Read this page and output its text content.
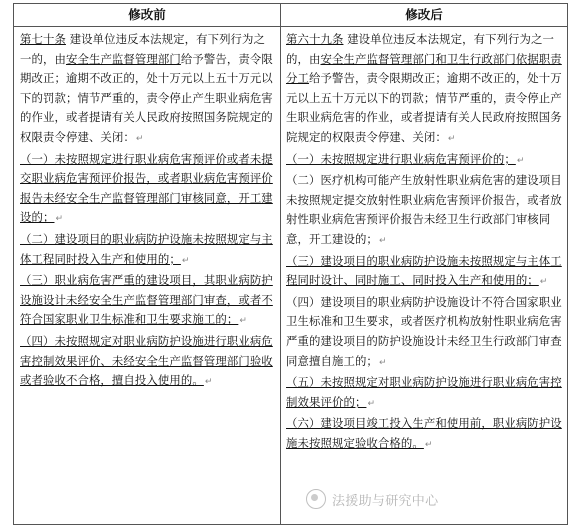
修改前	修改后

第七十条 建设单位违反本法规定，有下列行为之一的，由安全生产监督管理部门给予警告，责令限期改正；逾期不改正的，处十万元以上五十万元以下的罚款；情节严重的，责令停止产生职业病危害的作业，或者提请有关人民政府按照国务院规定的权限责令停建、关闭：↵

（一）未按照规定进行职业病危害预评价或者未提交职业病危害预评价报告，或者职业病危害预评价报告未经安全生产监督管理部门审核同意，开工建设的；↵

（二）建设项目的职业病防护设施未按照规定与主体工程同时投入生产和使用的；↵

（三）职业病危害严重的建设项目，其职业病防护设施设计未经安全生产监督管理部门审查，或者不符合国家职业卫生标准和卫生要求施工的；↵

（四）未按照规定对职业病防护设施进行职业病危害控制效果评价、未经安全生产监督管理部门验收或者验收不合格，擅自投入使用的。↵

第六十九条 建设单位违反本法规定，有下列行为之一的，由安全生产监督管理部门和卫生行政部门依据职责分工给予警告，责令限期改正；逾期不改正的，处十万元以上五十万元以下的罚款；情节严重的，责令停止产生职业病危害的作业，或者提请有关人民政府按照国务院规定的权限责令停建、关闭：↵

（一）未按照规定进行职业病危害预评价的；↵

（二）医疗机构可能产生放射性职业病危害的建设项目未按照规定提交放射性职业病危害预评价报告，或者放射性职业病危害预评价报告未经卫生行政部门审核同意，开工建设的；↵

（三）建设项目的职业病防护设施未按照规定与主体工程同时设计、同时施工、同时投入生产和使用的；↵

（四）建设项目的职业病防护设施设计不符合国家职业卫生标准和卫生要求，或者医疗机构放射性职业病危害严重的建设项目的防护设施设计未经卫生行政部门审查同意擅自施工的；↵

（五）未按照规定对职业病防护设施进行职业病危害控制效果评价的；↵

（六）建设项目竣工投入生产和使用前，职业病防护设施未按照规定验收合格的。↵

法援助与研究中心
